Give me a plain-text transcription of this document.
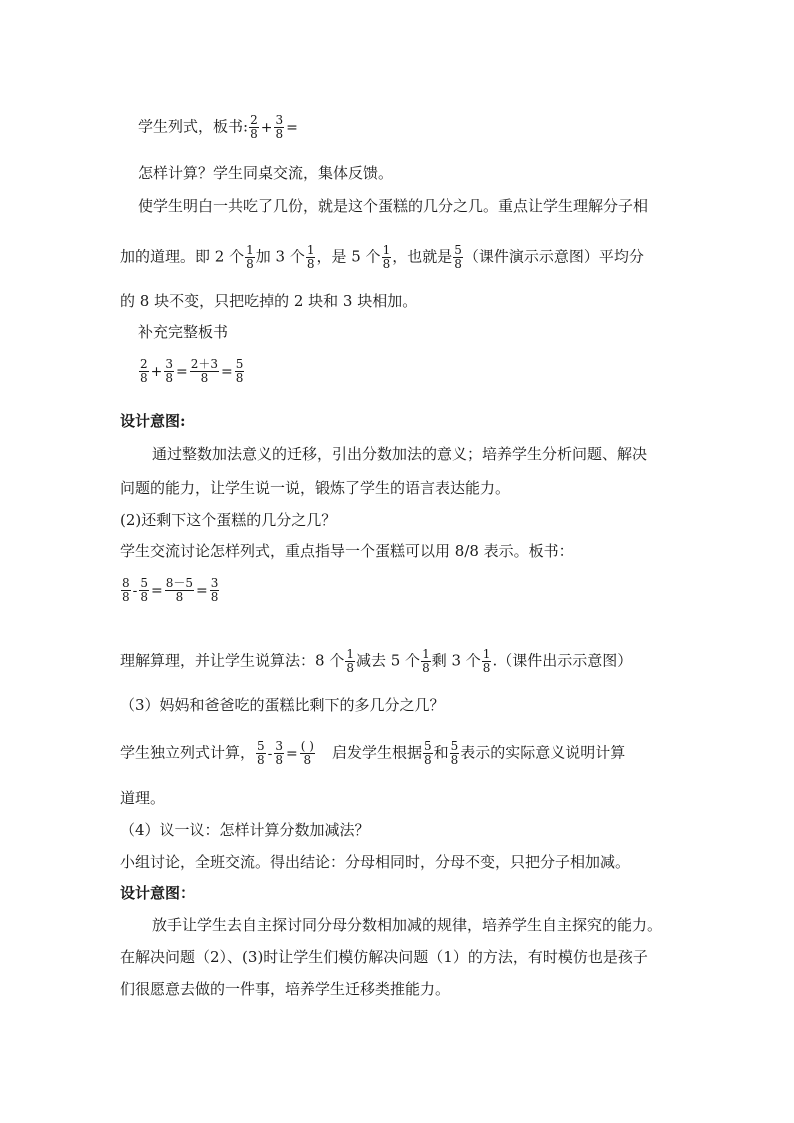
学生列式，板书: $\frac{2}{8} + \frac{3}{8}$ =
怎样计算？学生同桌交流，集体反馈。
使学生明白一共吃了几份，就是这个蛋糕的几分之几。重点让学生理解分子相
加的道理。即 2 个 $\frac{1}{8}$ 加 3 个 $\frac{1}{8}$ ，是 5 个 $\frac{1}{8}$ ，也就是 $\frac{5}{8}$ （课件演示示意图）平均分
的 8 块不变，只把吃掉的 2 块和 3 块相加。
补充完整板书
$\frac{2}{8} + \frac{3}{8} = \frac{2+3}{8} = \frac{5}{8}$
设计意图:
通过整数加法意义的迁移，引出分数加法的意义；培养学生分析问题、解决
问题的能力，让学生说一说，锻炼了学生的语言表达能力。
(2)还剩下这个蛋糕的几分之几？
学生交流讨论怎样列式，重点指导一个蛋糕可以用 8/8 表示。板书：
$\frac{8}{8} - \frac{5}{8} = \frac{8-5}{8} = \frac{3}{8}$
理解算理，并让学生说算法：8 个 $\frac{1}{8}$ 减去 5 个 $\frac{1}{8}$ 剩 3 个 $\frac{1}{8}$ .（课件出示示意图）
（3）妈妈和爸爸吃的蛋糕比剩下的多几分之几？
学生独立列式计算， $\frac{5}{8} - \frac{3}{8} = \frac{( )}{8}$ 启发学生根据 $\frac{5}{8}$ 和 $\frac{5}{8}$ 表示的实际意义说明计算
道理。
（4）议一议：怎样计算分数加减法？
小组讨论，全班交流。得出结论：分母相同时，分母不变，只把分子相加减。
设计意图：
放手让学生去自主探讨同分母分数相加减的规律，培养学生自主探究的能力。
在解决问题（2）、(3)时让学生们模仿解决问题（1）的方法，有时模仿也是孩子
们很愿意去做的一件事，培养学生迁移类推能力。
